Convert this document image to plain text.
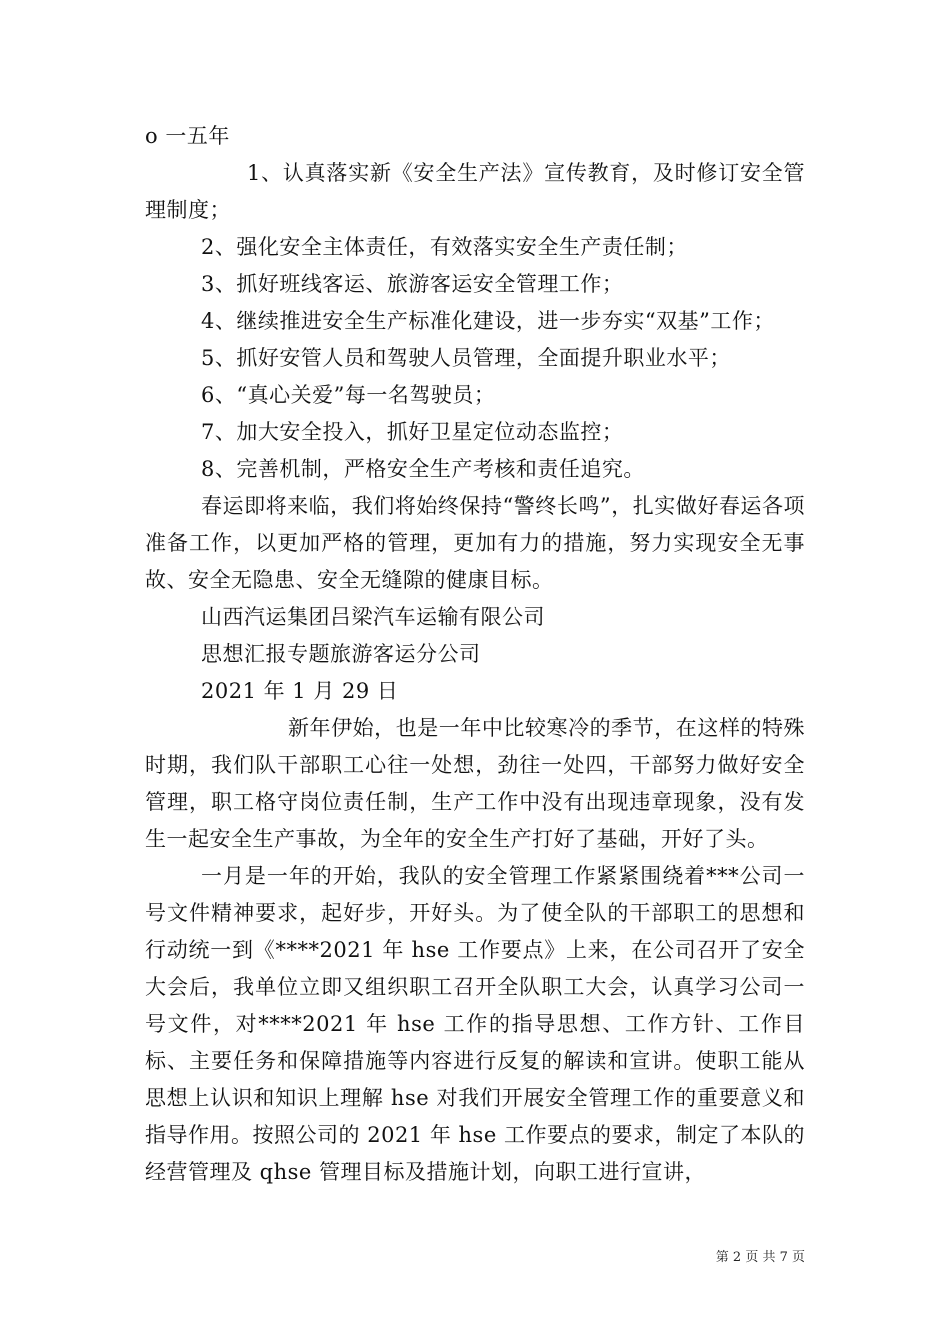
o 一五年

1、认真落实新《安全生产法》宣传教育，及时修订安全管理制度；

2、强化安全主体责任，有效落实安全生产责任制；

3、抓好班线客运、旅游客运安全管理工作；

4、继续推进安全生产标准化建设，进一步夯实“双基”工作；

5、抓好安管人员和驾驶人员管理，全面提升职业水平；

6、“真心关爱”每一名驾驶员；

7、加大安全投入，抓好卫星定位动态监控；

8、完善机制，严格安全生产考核和责任追究。

春运即将来临，我们将始终保持“警终长鸣”，扎实做好春运各项准备工作，以更加严格的管理，更加有力的措施，努力实现安全无事故、安全无隐患、安全无缝隙的健康目标。

山西汽运集团吕梁汽车运输有限公司

思想汇报专题旅游客运分公司

2021 年 1 月 29 日

新年伊始，也是一年中比较寒冷的季节，在这样的特殊时期，我们队干部职工心往一处想，劲往一处四，干部努力做好安全管理，职工格守岗位责任制，生产工作中没有出现违章现象，没有发生一起安全生产事故，为全年的安全生产打好了基础，开好了头。

一月是一年的开始，我队的安全管理工作紧紧围绕着***公司一号文件精神要求，起好步，开好头。为了使全队的干部职工的思想和行动统一到《****2021 年 hse 工作要点》上来，在公司召开了安全大会后，我单位立即又组织职工召开全队职工大会，认真学习公司一号文件，对****2021 年 hse 工作的指导思想、工作方针、工作目标、主要任务和保障措施等内容进行反复的解读和宣讲。使职工能从思想上认识和知识上理解 hse 对我们开展安全管理工作的重要意义和指导作用。按照公司的 2021 年 hse 工作要点的要求，制定了本队的经营管理及 qhse 管理目标及措施计划，向职工进行宣讲，

第 2 页 共 7 页
